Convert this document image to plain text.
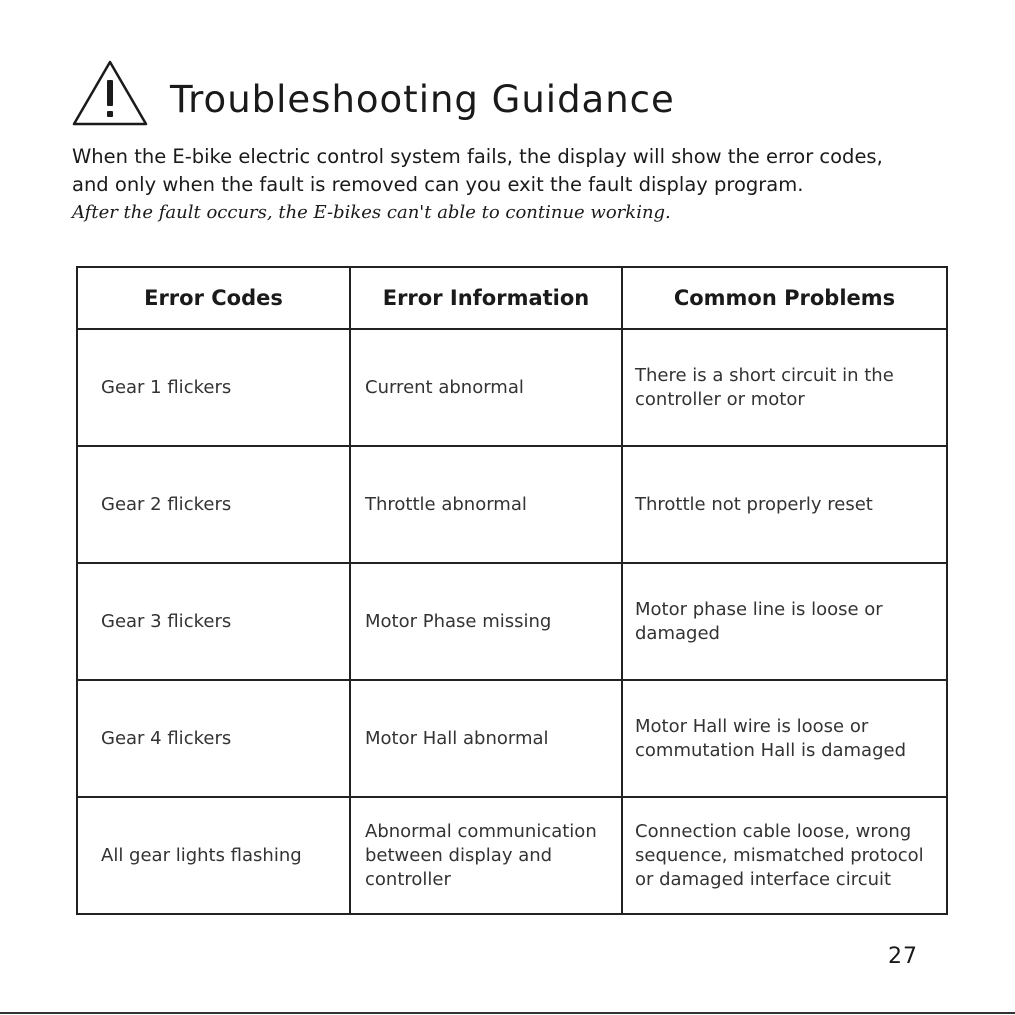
Troubleshooting Guidance

When the E-bike electric control system fails, the display will show the error codes,

and only when the fault is removed can you exit the fault display program.

After the fault occurs, the E-bikes can't able to continue working.

Error Codes	Error Information	Common Problems
Gear 1 flickers	Current abnormal	There is a short circuit in the controller or motor
Gear 2 flickers	Throttle abnormal	Throttle not properly reset
Gear 3 flickers	Motor Phase missing	Motor phase line is loose or damaged
Gear 4 flickers	Motor Hall abnormal	Motor Hall wire is loose or commutation Hall is damaged
All gear lights flashing	Abnormal communication between display and controller	Connection cable loose, wrong sequence, mismatched protocol or damaged interface circuit
27
